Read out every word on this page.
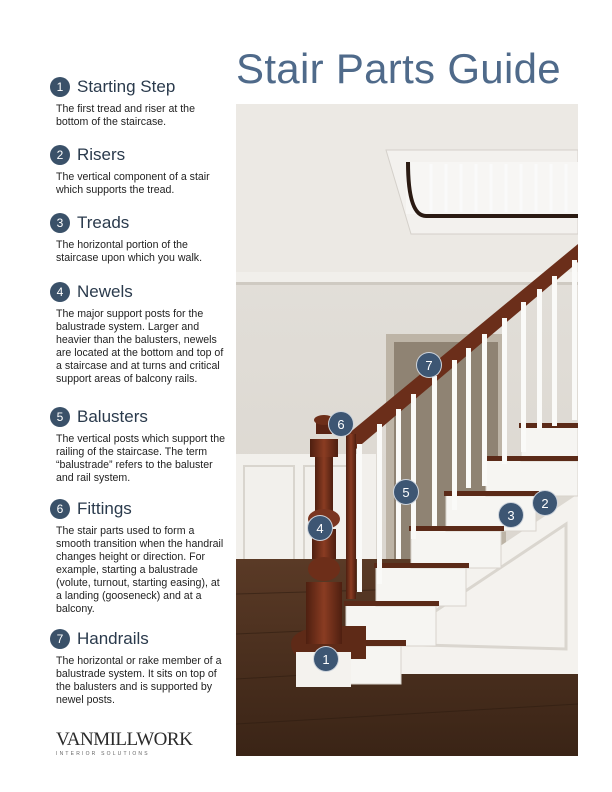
Stair Parts Guide
1 Starting Step
The first tread and riser at the bottom of the staircase.
2 Risers
The vertical component of a stair which supports the tread.
3 Treads
The horizontal portion of the staircase upon which you walk.
4 Newels
The major support posts for the balustrade system. Larger and heavier than the balusters, newels are located at the bottom and top of a staircase and at turns and critical support areas of balcony rails.
5 Balusters
The vertical posts which support the railing of the staircase. The term “balustrade” refers to the baluster and rail system.
6 Fittings
The stair parts used to form a smooth transition when the handrail changes height or direction. For example, starting a balustrade (volute, turnout, starting easing), at a landing (gooseneck) and at a balcony.
7 Handrails
The horizontal or rake member of a balustrade system. It sits on top of the balusters and is supported by newel posts.
VANMILLWORK
INTERIOR SOLUTIONS
1
2
3
4
5
6
7
